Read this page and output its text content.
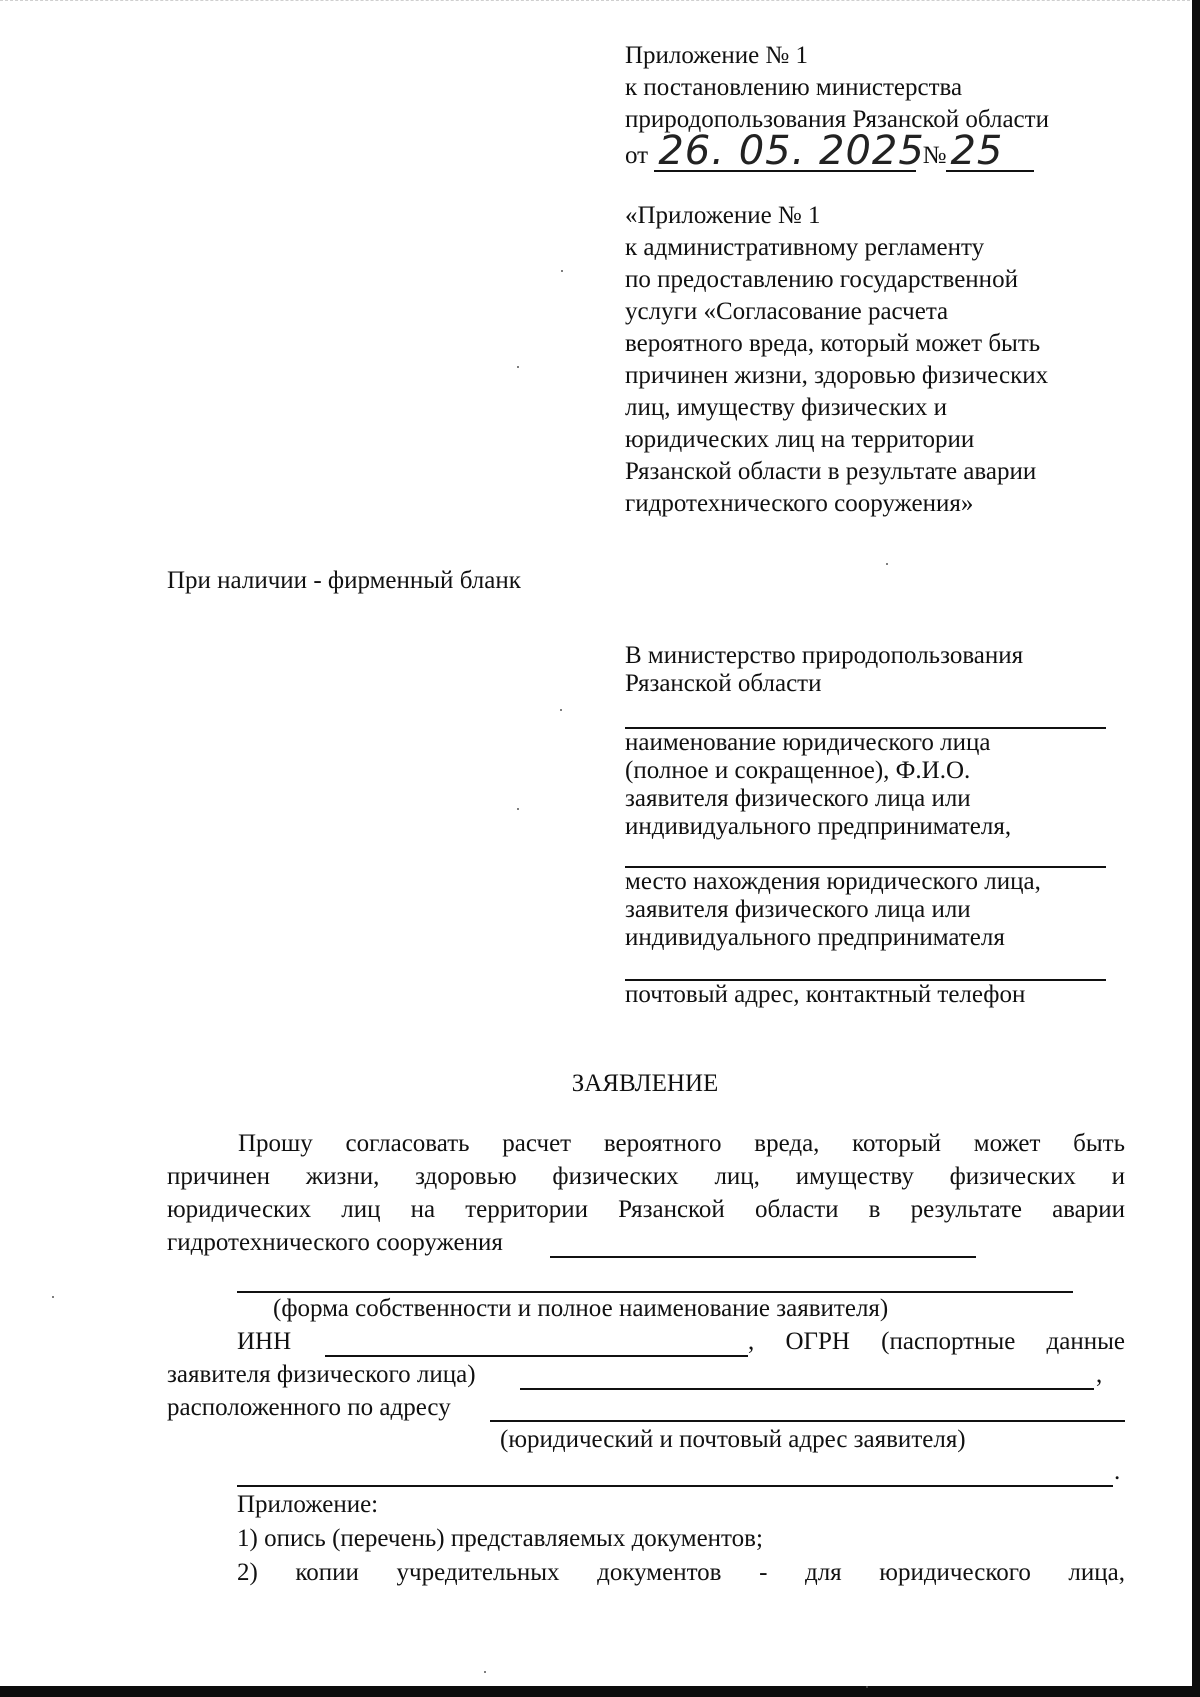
Приложение № 1
к постановлению министерства
природопользования Рязанской области
от 26. 05. 2025
№ 25
«Приложение № 1
к административному регламенту
по предоставлению государственной
услуги «Согласование расчета
вероятного вреда, который может быть
причинен жизни, здоровью физических
лиц, имуществу физических и
юридических лиц на территории
Рязанской области в результате аварии
гидротехнического сооружения»
При наличии - фирменный бланк
В министерство природопользования
Рязанской области
наименование юридического лица
(полное и сокращенное), Ф.И.О.
заявителя физического лица или
индивидуального предпринимателя,
место нахождения юридического лица,
заявителя физического лица или
индивидуального предпринимателя
почтовый адрес, контактный телефон
ЗАЯВЛЕНИЕ
Прошу согласовать расчет вероятного вреда, который может быть
причинен жизни, здоровью физических лиц, имуществу физических и
юридических лиц на территории Рязанской области в результате аварии
гидротехнического сооружения
(форма собственности и полное наименование заявителя)
ИНН	, ОГРН (паспортные данные
заявителя физического лица)	,
расположенного по адресу
(юридический и почтовый адрес заявителя)
.
Приложение:
1) опись (перечень) представляемых документов;
2) копии учредительных документов - для юридического лица,
